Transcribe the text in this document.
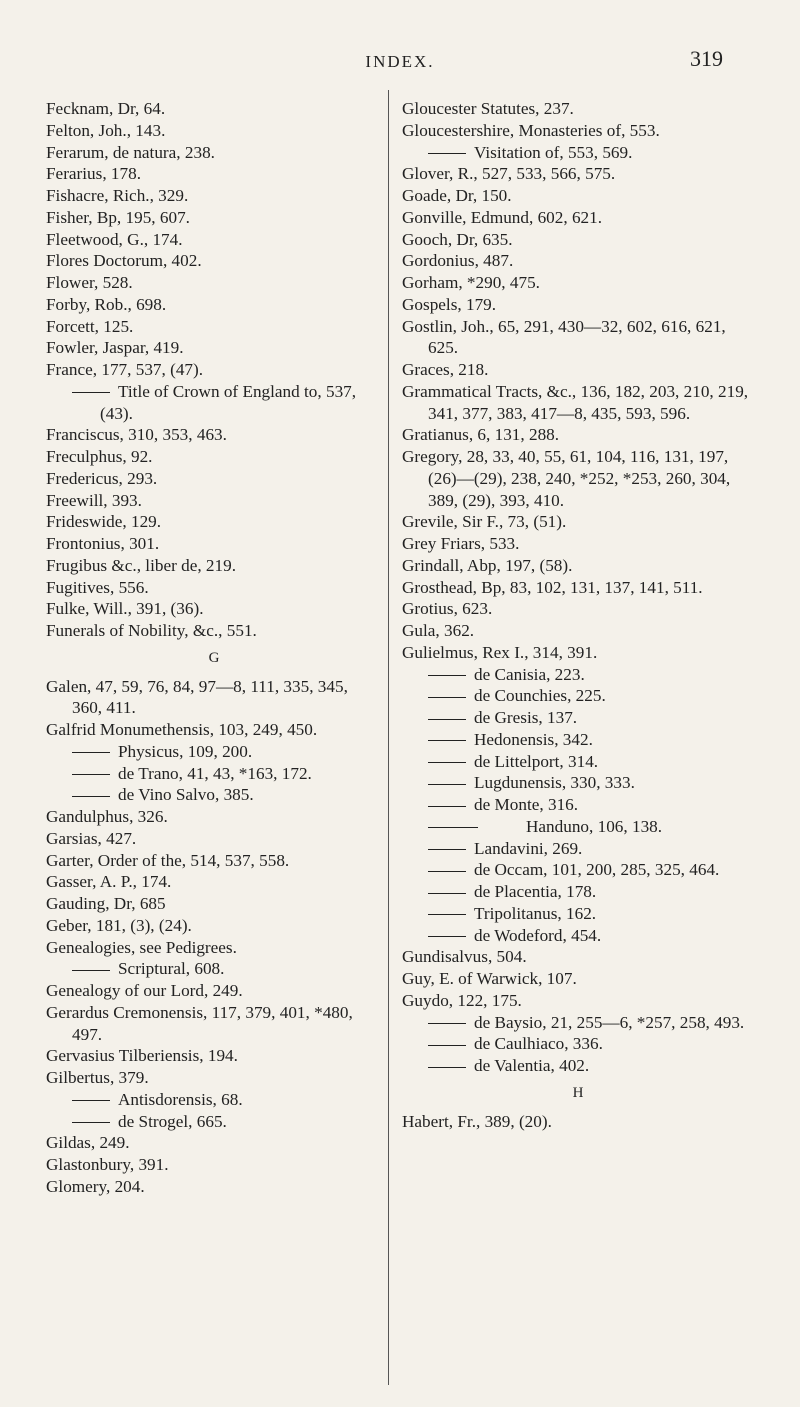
INDEX.	319
Fecknam, Dr, 64.
Felton, Joh., 143.
Ferarum, de natura, 238.
Ferarius, 178.
Fishacre, Rich., 329.
Fisher, Bp, 195, 607.
Fleetwood, G., 174.
Flores Doctorum, 402.
Flower, 528.
Forby, Rob., 698.
Forcett, 125.
Fowler, Jaspar, 419.
France, 177, 537, (47).
Title of Crown of England to, 537, (43).
Franciscus, 310, 353, 463.
Freculphus, 92.
Fredericus, 293.
Freewill, 393.
Frideswide, 129.
Frontonius, 301.
Frugibus &c., liber de, 219.
Fugitives, 556.
Fulke, Will., 391, (36).
Funerals of Nobility, &c., 551.
G
Galen, 47, 59, 76, 84, 97—8, 111, 335, 345, 360, 411.
Galfrid Monumethensis, 103, 249, 450.
Physicus, 109, 200.
de Trano, 41, 43, *163, 172.
de Vino Salvo, 385.
Gandulphus, 326.
Garsias, 427.
Garter, Order of the, 514, 537, 558.
Gasser, A. P., 174.
Gauding, Dr, 685
Geber, 181, (3), (24).
Genealogies, see Pedigrees.
Scriptural, 608.
Genealogy of our Lord, 249.
Gerardus Cremonensis, 117, 379, 401, *480, 497.
Gervasius Tilberiensis, 194.
Gilbertus, 379.
Antisdorensis, 68.
de Strogel, 665.
Gildas, 249.
Glastonbury, 391.
Glomery, 204.
Gloucester Statutes, 237.
Gloucestershire, Monasteries of, 553.
Visitation of, 553, 569.
Glover, R., 527, 533, 566, 575.
Goade, Dr, 150.
Gonville, Edmund, 602, 621.
Gooch, Dr, 635.
Gordonius, 487.
Gorham, *290, 475.
Gospels, 179.
Gostlin, Joh., 65, 291, 430—32, 602, 616, 621, 625.
Graces, 218.
Grammatical Tracts, &c., 136, 182, 203, 210, 219, 341, 377, 383, 417—8, 435, 593, 596.
Gratianus, 6, 131, 288.
Gregory, 28, 33, 40, 55, 61, 104, 116, 131, 197, (26)—(29), 238, 240, *252, *253, 260, 304, 389, (29), 393, 410.
Grevile, Sir F., 73, (51).
Grey Friars, 533.
Grindall, Abp, 197, (58).
Grosthead, Bp, 83, 102, 131, 137, 141, 511.
Grotius, 623.
Gula, 362.
Gulielmus, Rex I., 314, 391.
de Canisia, 223.
de Counchies, 225.
de Gresis, 137.
Hedonensis, 342.
de Littelport, 314.
Lugdunensis, 330, 333.
de Monte, 316.
Handuno, 106, 138.
Landavini, 269.
de Occam, 101, 200, 285, 325, 464.
de Placentia, 178.
Tripolitanus, 162.
de Wodeford, 454.
Gundisalvus, 504.
Guy, E. of Warwick, 107.
Guydo, 122, 175.
de Baysio, 21, 255—6, *257, 258, 493.
de Caulhiaco, 336.
de Valentia, 402.
H
Habert, Fr., 389, (20).
